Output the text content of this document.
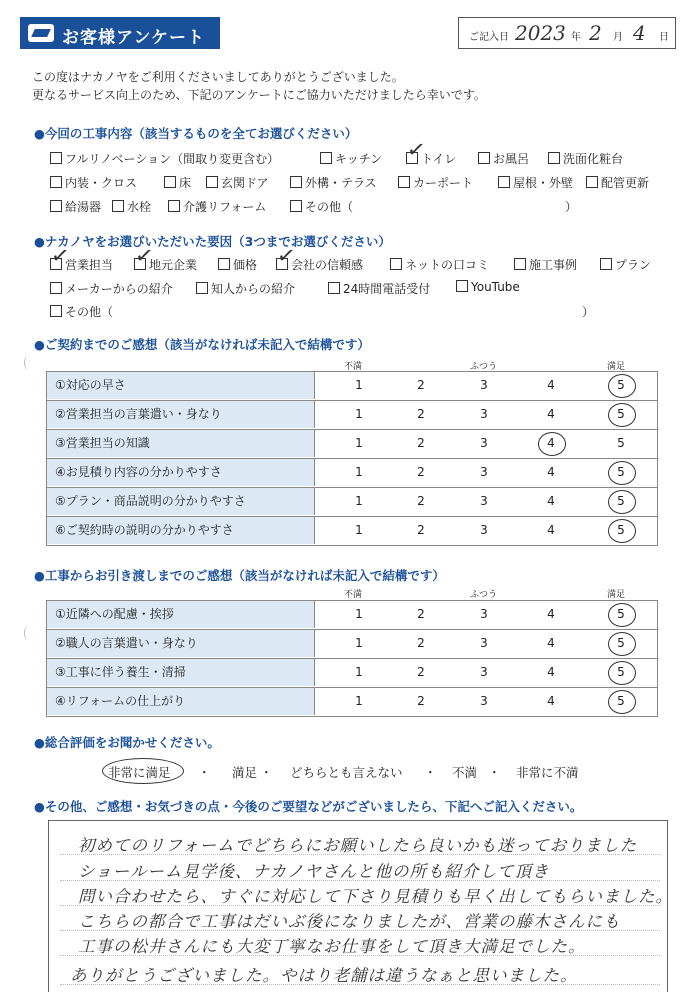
お客様アンケート	ご記入日 2023 年 2	月 4	日
この度はナカノヤをご利用くださいましてありがとうございました。
更なるサービス向上のため、下記のアンケートにご協力いただけましたら幸いです。
●今回の工事内容（該当するものを全てお選びください）
フルリノベーション（間取り変更含む）	キッチン	トイレ
✓	お風呂	洗面化粧台
内装・クロス	床	玄関ドア	外構・テラス	カーポート	屋根・外壁	配管更新
給湯器	水栓	介護リフォーム	その他（	）
●ナカノヤをお選びいただいた要因（3つまでお選びください）
営業担当
✓	地元企業
✓	価格	会社の信頼感
✓	ネットの口コミ	施工事例	プラン
メーカーからの紹介	知人からの紹介	24時間電話受付	YouTube
その他（	）
●ご契約までのご感想（該当がなければ未記入で結構です）
不満	ふつう	満足
①対応の早さ	1	2	3	4	5
②営業担当の言葉遣い・身なり	1	2	3	4	5
③営業担当の知識	1	2	3	4	5
④お見積り内容の分かりやすさ	1	2	3	4	5
⑤プラン・商品説明の分かりやすさ	1	2	3	4	5
⑥ご契約時の説明の分かりやすさ	1	2	3	4	5
●工事からお引き渡しまでのご感想（該当がなければ未記入で結構です）
不満	ふつう	満足
①近隣への配慮・挨拶	1	2	3	4	5
②職人の言葉遣い・身なり	1	2	3	4	5
③工事に伴う養生・清掃	1	2	3	4	5
④リフォームの仕上がり	1	2	3	4	5
●総合評価をお聞かせください。
非常に満足 ・ 満足 ・ どちらとも言えない ・ 不満 ・ 非常に不満
●その他、ご感想・お気づきの点・今後のご要望などがございましたら、下記へご記入ください。
初めてのリフォームでどちらにお願いしたら良いかも迷っておりました
ショールーム見学後、ナカノヤさんと他の所も紹介して頂き
問い合わせたら、すぐに対応して下さり見積りも早く出してもらいました。
こちらの都合で工事はだいぶ後になりましたが、営業の藤木さんにも
工事の松井さんにも大変丁寧なお仕事をして頂き大満足でした。
ありがとうございました。やはり老舗は違うなぁと思いました。
